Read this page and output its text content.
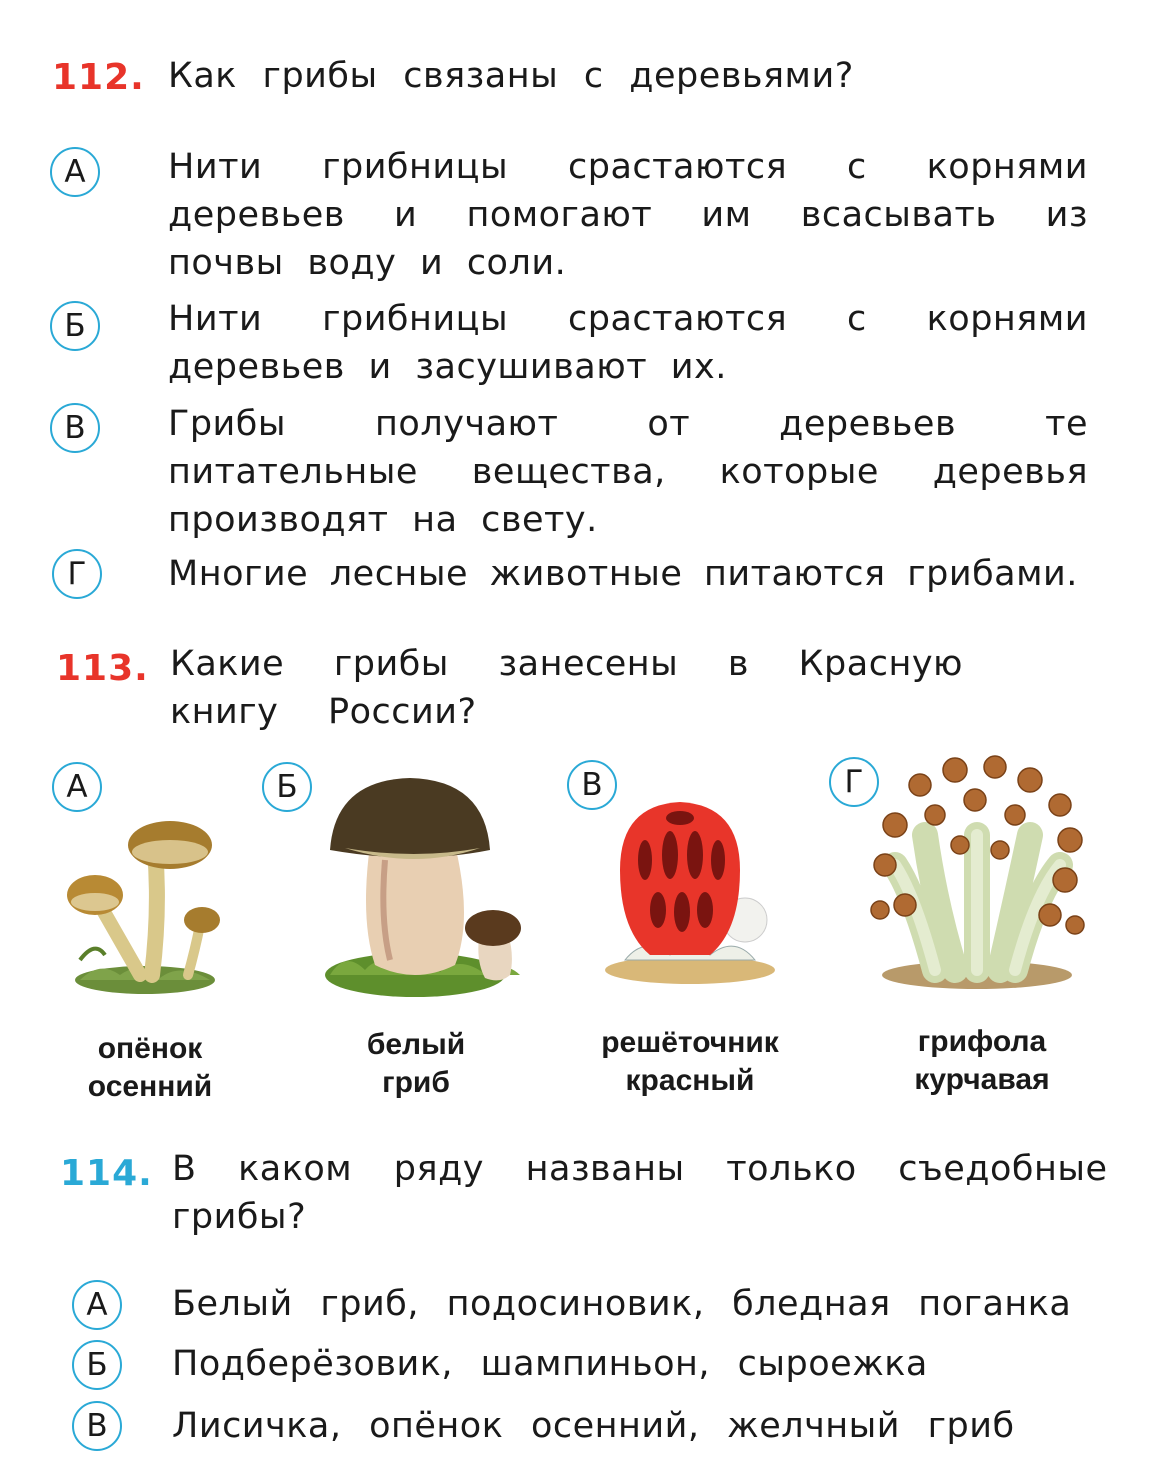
112. Как грибы связаны с деревьями?
А	Нити грибницы срастаются с корнями деревьев и помогают им всасывать из почвы воду и соли.
Б	Нити грибницы срастаются с корнями деревьев и засушивают их.
В	Грибы получают от деревьев те питательные вещества, которые деревья производят на свету.
Г	Многие лесные животные питаются грибами.
113. Какие грибы занесены в Красную книгу России?
А
опёнок
осенний
Б
белый
гриб
В
решёточник
красный
Г
грифола
курчавая
114. В каком ряду названы только съедобные грибы?
А	Белый гриб, подосиновик, бледная поганка
Б	Подберёзовик, шампиньон, сыроежка
В	Лисичка, опёнок осенний, желчный гриб
